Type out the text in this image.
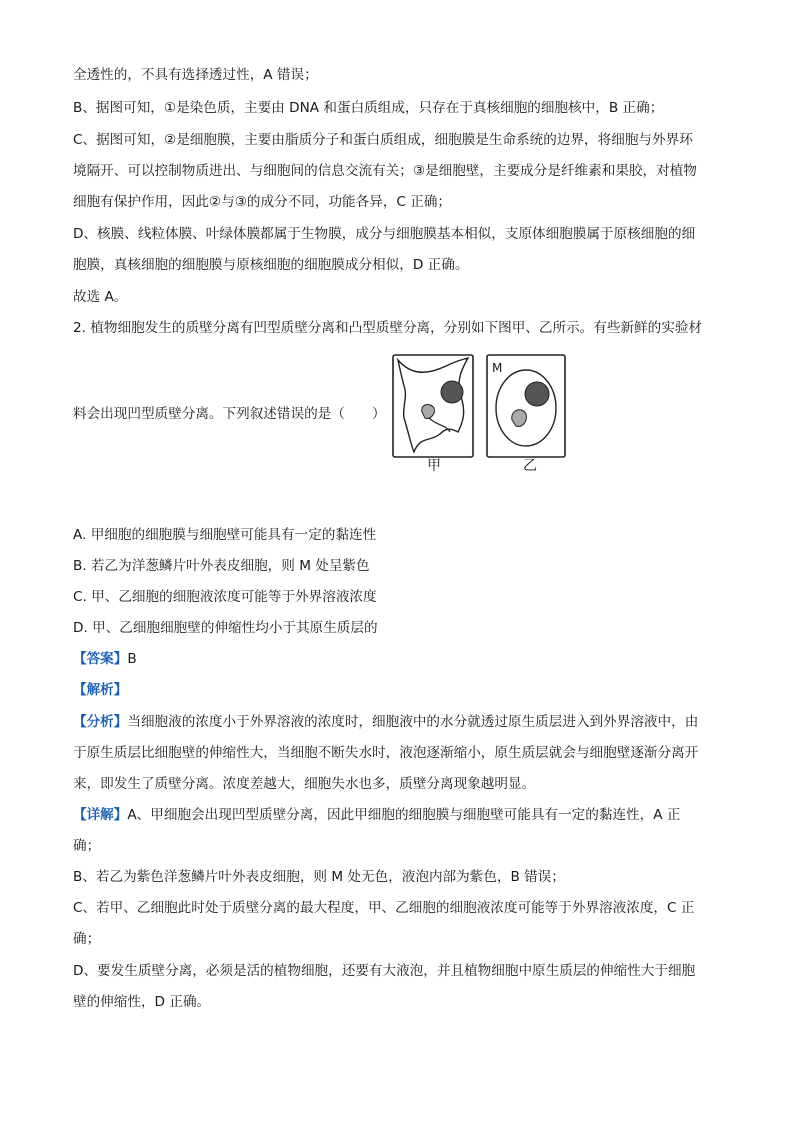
全透性的，不具有选择透过性，A 错误；
B、据图可知，①是染色质，主要由 DNA 和蛋白质组成，只存在于真核细胞的细胞核中，B 正确；
C、据图可知，②是细胞膜，主要由脂质分子和蛋白质组成，细胞膜是生命系统的边界，将细胞与外界环
境隔开、可以控制物质进出、与细胞间的信息交流有关；③是细胞壁，主要成分是纤维素和果胶，对植物
细胞有保护作用，因此②与③的成分不同，功能各异，C 正确；
D、核膜、线粒体膜、叶绿体膜都属于生物膜，成分与细胞膜基本相似，支原体细胞膜属于原核细胞的细
胞膜，真核细胞的细胞膜与原核细胞的细胞膜成分相似，D 正确。
故选 A。
2. 植物细胞发生的质壁分离有凹型质壁分离和凸型质壁分离，分别如下图甲、乙所示。有些新鲜的实验材
料会出现凹型质壁分离。下列叙述错误的是（　　）
M
甲	乙
A. 甲细胞的细胞膜与细胞壁可能具有一定的黏连性
B. 若乙为洋葱鳞片叶外表皮细胞，则 M 处呈紫色
C. 甲、乙细胞的细胞液浓度可能等于外界溶液浓度
D. 甲、乙细胞细胞壁的伸缩性均小于其原生质层的
【答案】B
【解析】
【分析】当细胞液的浓度小于外界溶液的浓度时，细胞液中的水分就透过原生质层进入到外界溶液中，由
于原生质层比细胞壁的伸缩性大，当细胞不断失水时，液泡逐渐缩小，原生质层就会与细胞壁逐渐分离开
来，即发生了质壁分离。浓度差越大，细胞失水也多，质壁分离现象越明显。
【详解】A、甲细胞会出现凹型质壁分离，因此甲细胞的细胞膜与细胞壁可能具有一定的黏连性，A 正
确；
B、若乙为紫色洋葱鳞片叶外表皮细胞，则 M 处无色，液泡内部为紫色，B 错误；
C、若甲、乙细胞此时处于质壁分离的最大程度，甲、乙细胞的细胞液浓度可能等于外界溶液浓度，C 正
确；
D、要发生质壁分离，必须是活的植物细胞，还要有大液泡，并且植物细胞中原生质层的伸缩性大于细胞
壁的伸缩性，D 正确。
